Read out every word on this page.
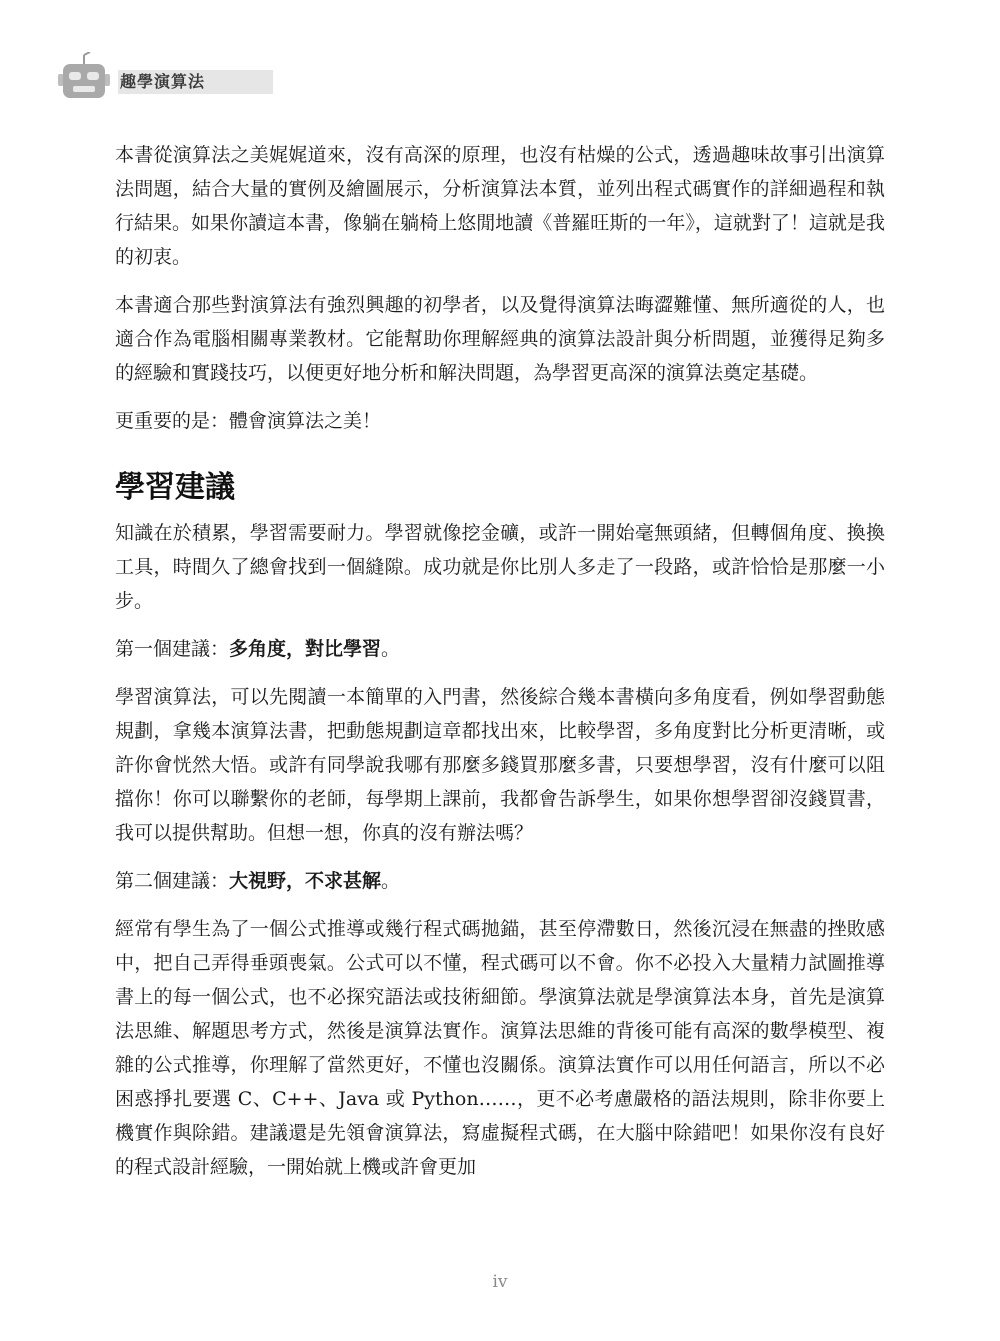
趣學演算法

本書從演算法之美娓娓道來，沒有高深的原理，也沒有枯燥的公式，透過趣味故事引出演算法問題，結合大量的實例及繪圖展示，分析演算法本質，並列出程式碼實作的詳細過程和執行結果。如果你讀這本書，像躺在躺椅上悠閒地讀《普羅旺斯的一年》，這就對了！這就是我的初衷。

本書適合那些對演算法有強烈興趣的初學者，以及覺得演算法晦澀難懂、無所適從的人，也適合作為電腦相關專業教材。它能幫助你理解經典的演算法設計與分析問題，並獲得足夠多的經驗和實踐技巧，以便更好地分析和解決問題，為學習更高深的演算法奠定基礎。

更重要的是：體會演算法之美！

學習建議

知識在於積累，學習需要耐力。學習就像挖金礦，或許一開始毫無頭緒，但轉個角度、換換工具，時間久了總會找到一個縫隙。成功就是你比別人多走了一段路，或許恰恰是那麼一小步。

第一個建議：多角度，對比學習。

學習演算法，可以先閱讀一本簡單的入門書，然後綜合幾本書橫向多角度看，例如學習動態規劃，拿幾本演算法書，把動態規劃這章都找出來，比較學習，多角度對比分析更清晰，或許你會恍然大悟。或許有同學說我哪有那麼多錢買那麼多書，只要想學習，沒有什麼可以阻擋你！你可以聯繫你的老師，每學期上課前，我都會告訴學生，如果你想學習卻沒錢買書，我可以提供幫助。但想一想，你真的沒有辦法嗎？

第二個建議：大視野，不求甚解。

經常有學生為了一個公式推導或幾行程式碼拋錨，甚至停滯數日，然後沉浸在無盡的挫敗感中，把自己弄得垂頭喪氣。公式可以不懂，程式碼可以不會。你不必投入大量精力試圖推導書上的每一個公式，也不必探究語法或技術細節。學演算法就是學演算法本身，首先是演算法思維、解題思考方式，然後是演算法實作。演算法思維的背後可能有高深的數學模型、複雜的公式推導，你理解了當然更好，不懂也沒關係。演算法實作可以用任何語言，所以不必困惑掙扎要選 C、C++、Java 或 Python……，更不必考慮嚴格的語法規則，除非你要上機實作與除錯。建議還是先領會演算法，寫虛擬程式碼，在大腦中除錯吧！如果你沒有良好的程式設計經驗，一開始就上機或許會更加

iv
